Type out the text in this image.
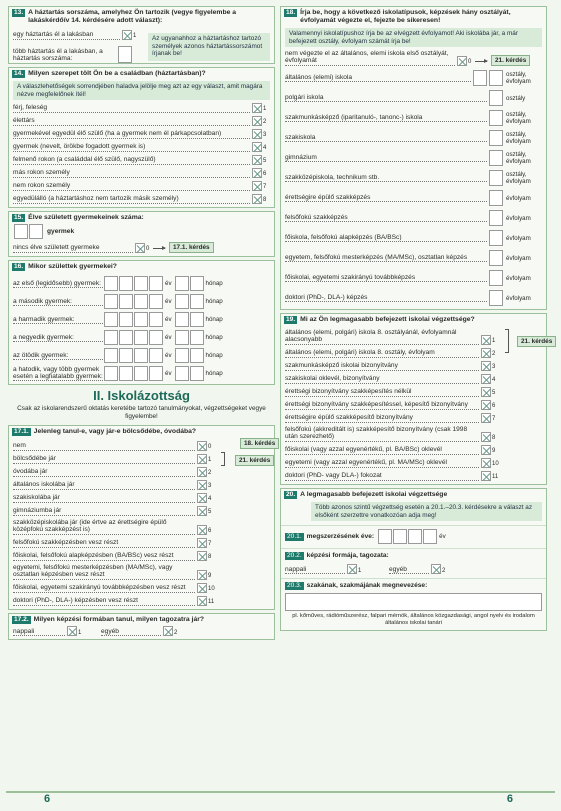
13. A háztartás sorszáma, amelyhez Ön tartozik (vegye figyelembe a lakáskérdőív 14. kérdésére adott választ):
egy háztartás él a lakásban	1
több háztartás él a lakásban, a háztartás sorszáma:
Az ugyanahhoz a háztartáshoz tartozó személyek azonos háztartássorszámot írjanak be!
14. Milyen szerepet tölt Ön be a családban (háztartásban)?
A válaszlehetőségek sorrendjében haladva jelölje meg azt az egy választ, amit magára nézve megfelelőnek ítél!
férj, feleség	1
élettárs	2
gyermekével egyedül élő szülő (ha a gyermek nem él párkapcsolatban)	3
gyermek (nevelt, örökbe fogadott gyermek is)	4
felmenő rokon (a családdal élő szülő, nagyszülő)	5
más rokon személy	6
nem rokon személy	7
egyedülálló (a háztartáshoz nem tartozik másik személy)	8
15. Élve született gyermekeinek száma:
gyermek
nincs élve született gyermeke	0	17.1. kérdés
16. Mikor születtek gyermekei?
az első (legidősebb) gyermek:	év	hónap
a második gyermek:	év	hónap
a harmadik gyermek:	év	hónap
a negyedik gyermek:	év	hónap
az ötödik gyermek:	év	hónap
a hatodik, vagy több gyermek esetén a legfiatalabb gyermek:	év	hónap
II. Iskolázottság
Csak az iskolarendszerű oktatás keretébe tartozó tanulmányokat, végzettségeket vegye figyelembe!
17.1. Jelenleg tanul-e, vagy jár-e bölcsődébe, óvodába?
nem	0
bölcsődébe jár	1
óvodába jár	2
általános iskolába jár	3
szakiskolába jár	4
gimnáziumba jár	5
szakközépiskolába jár (ide értve az érettségire épülő középfokú szakképzést is)	6
felsőfokú szakképzésben vesz részt	7
főiskolai, felsőfokú alapképzésben (BA/BSc) vesz részt	8
egyetemi, felsőfokú mesterképzésben (MA/MSc), vagy osztatlan képzésben vesz részt	9
főiskolai, egyetemi szakirányú továbbképzésben vesz részt	10
doktori (PhD-, DLA-) képzésben vesz részt	11
18. kérdés
21. kérdés
17.2. Milyen képzési formában tanul, milyen tagozatra jár?
nappali	1	egyéb	2
18. Írja be, hogy a következő iskolatípusok, képzések hány osztályát, évfolyamát végezte el, fejezte be sikeresen!
Valamennyi iskolatípushoz írja be az elvégzett évfolyamot! Aki iskolába jár, a már befejezett osztály, évfolyam számát írja be!
nem végezte el az általános, elemi iskola első osztályát, évfolyamát	0	21. kérdés
általános (elemi) iskola	osztály, évfolyam
polgári iskola	osztály
szakmunkásképző (iparitanuló-, tanonc-) iskola	osztály, évfolyam
szakiskola	osztály, évfolyam
gimnázium	osztály, évfolyam
szakközépiskola, technikum stb.	osztály, évfolyam
érettségire épülő szakképzés	évfolyam
felsőfokú szakképzés	évfolyam
főiskola, felsőfokú alapképzés (BA/BSc)	évfolyam
egyetem, felsőfokú mesterképzés (MA/MSc), osztatlan képzés	évfolyam
főiskolai, egyetemi szakirányú továbbképzés	évfolyam
doktori (PhD-, DLA-) képzés	évfolyam
19. Mi az Ön legmagasabb befejezett iskolai végzettsége?
általános (elemi, polgári) iskola 8. osztályánál, évfolyamnál alacsonyabb	1
általános (elemi, polgári) iskola 8. osztály, évfolyam	2
szakmunkásképző iskolai bizonyítvány	3
szakiskolai oklevél, bizonyítvány	4
érettségi bizonyítvány szakképesítés nélkül	5
érettségi bizonyítvány szakképesítéssel, képesítő bizonyítvány	6
érettségire épülő szakképesítő bizonyítvány	7
felsőfokú (akkreditált is) szakképesítő bizonyítvány (csak 1998 után szerezhető)	8
főiskolai (vagy azzal egyenértékű, pl. BA/BSc) oklevél	9
egyetemi (vagy azzal egyenértékű, pl. MA/MSc) oklevél	10
doktori (PhD- vagy DLA-) fokozat	11
21. kérdés
20. A legmagasabb befejezett iskolai végzettsége
Több azonos szintű végzettség esetén a 20.1.–20.3. kérdésekre a választ az elsőként szerzettre vonatkozóan adja meg!
20.1. megszerzésének éve:	év
20.2. képzési formája, tagozata:
nappali	1	egyéb	2
20.3. szakának, szakmájának megnevezése:
pl. kőműves, rádióműszerész, falpari mérnök, általános közgazdasági, angol nyelv és irodalom általános iskolai tanári
6	6
